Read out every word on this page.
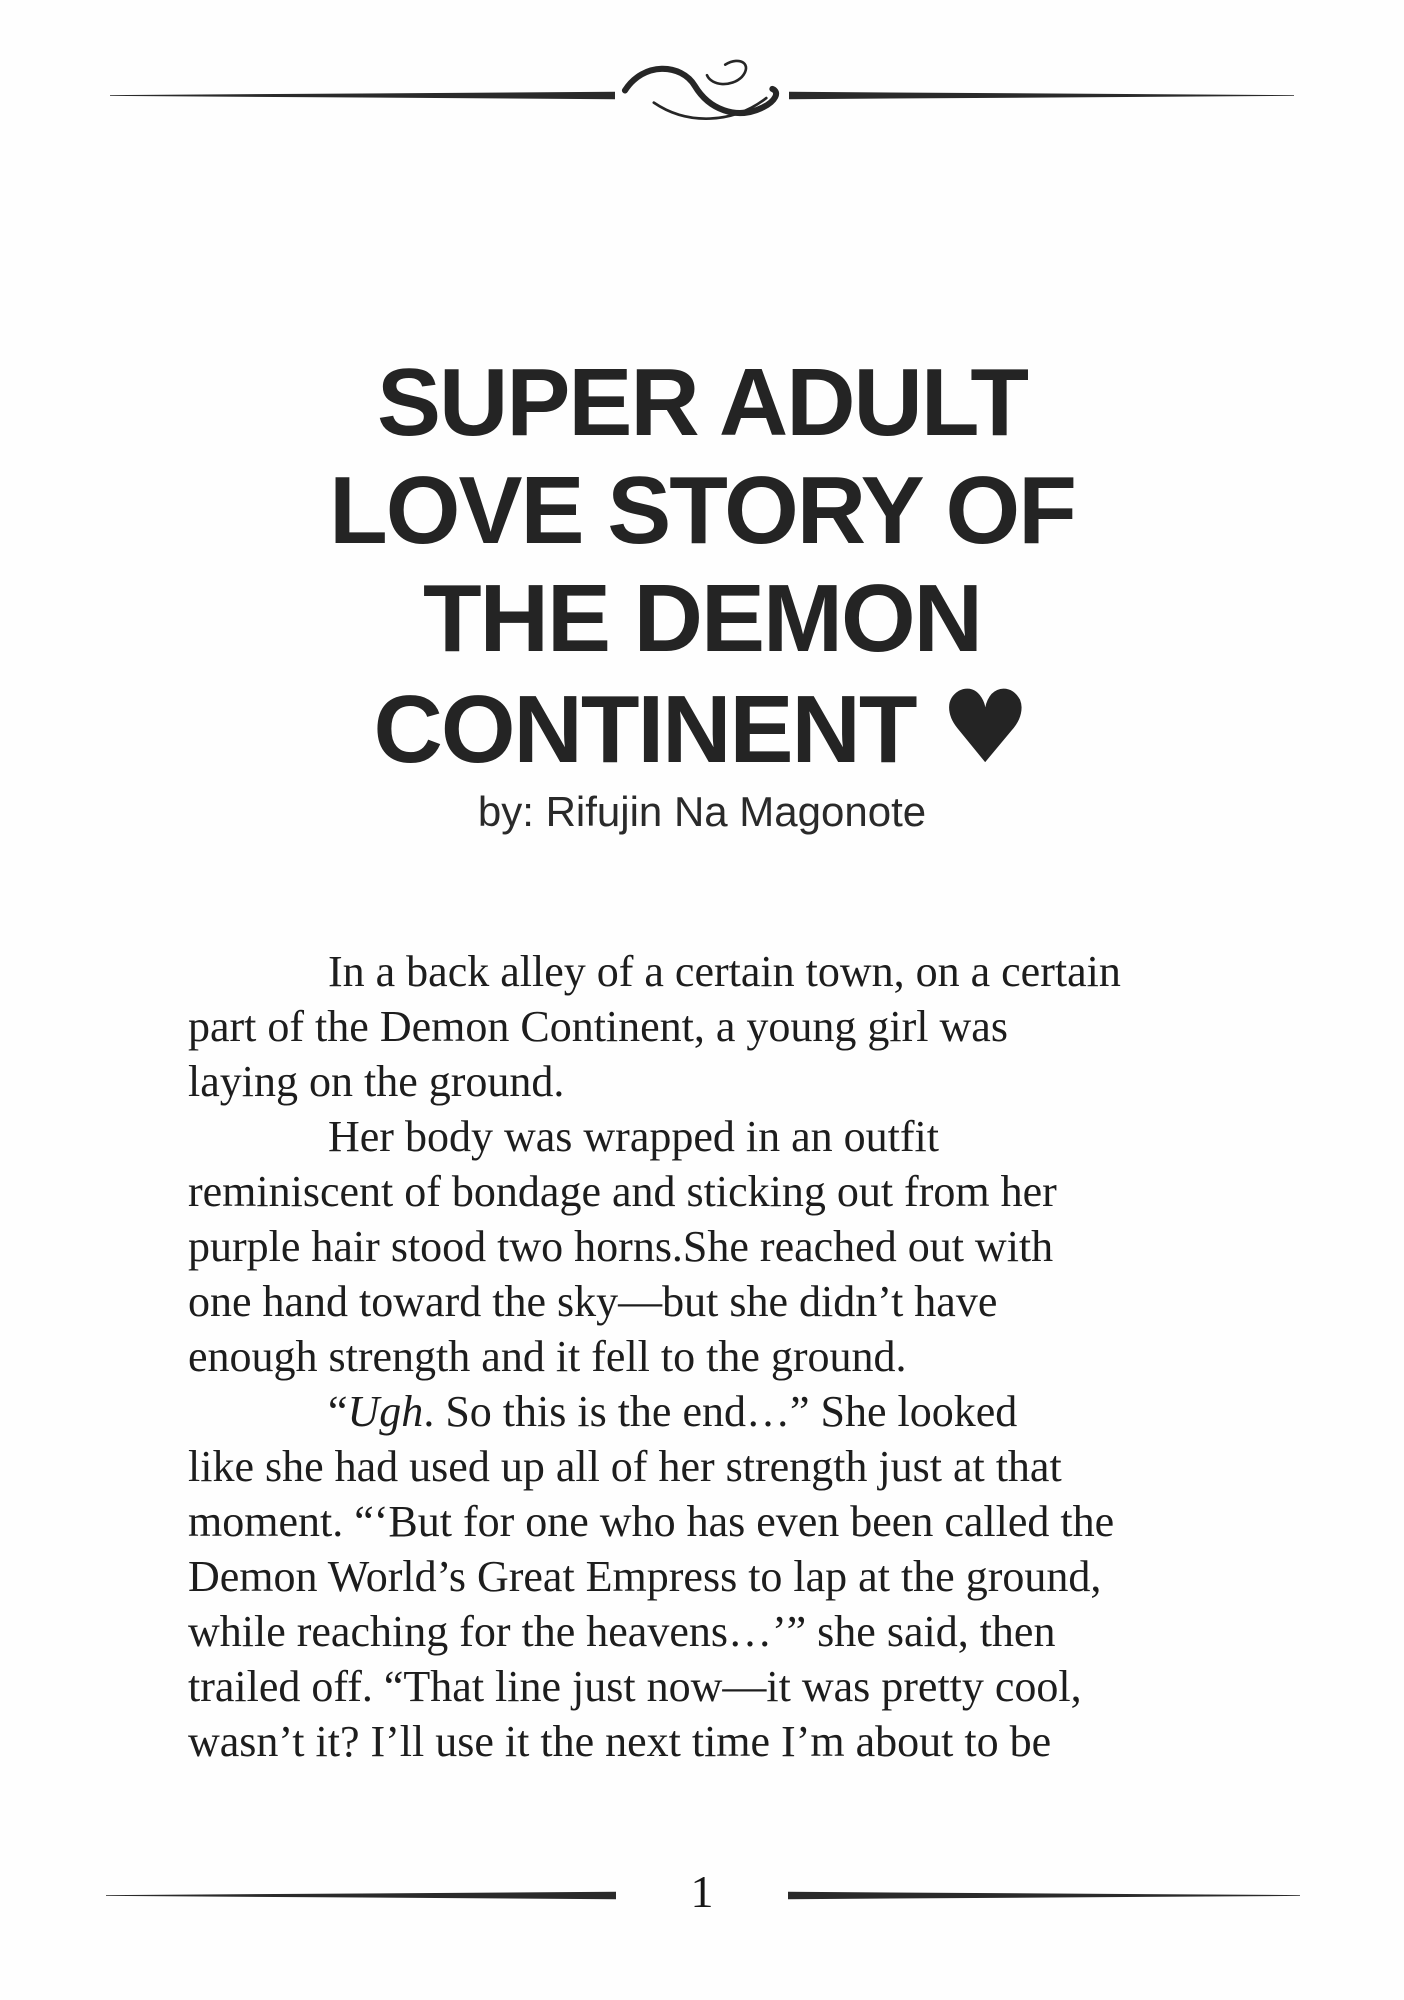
SUPER ADULT
LOVE STORY OF
THE DEMON
CONTINENT ♥
by: Rifujin Na Magonote
In a back alley of a certain town, on a certain
part of the Demon Continent, a young girl was
laying on the ground.
Her body was wrapped in an outfit
reminiscent of bondage and sticking out from her
purple hair stood two horns.She reached out with
one hand toward the sky—but she didn’t have
enough strength and it fell to the ground.
“Ugh. So this is the end…” She looked
like she had used up all of her strength just at that
moment. “‘But for one who has even been called the
Demon World’s Great Empress to lap at the ground,
while reaching for the heavens…’” she said, then
trailed off. “That line just now—it was pretty cool,
wasn’t it? I’ll use it the next time I’m about to be
1
